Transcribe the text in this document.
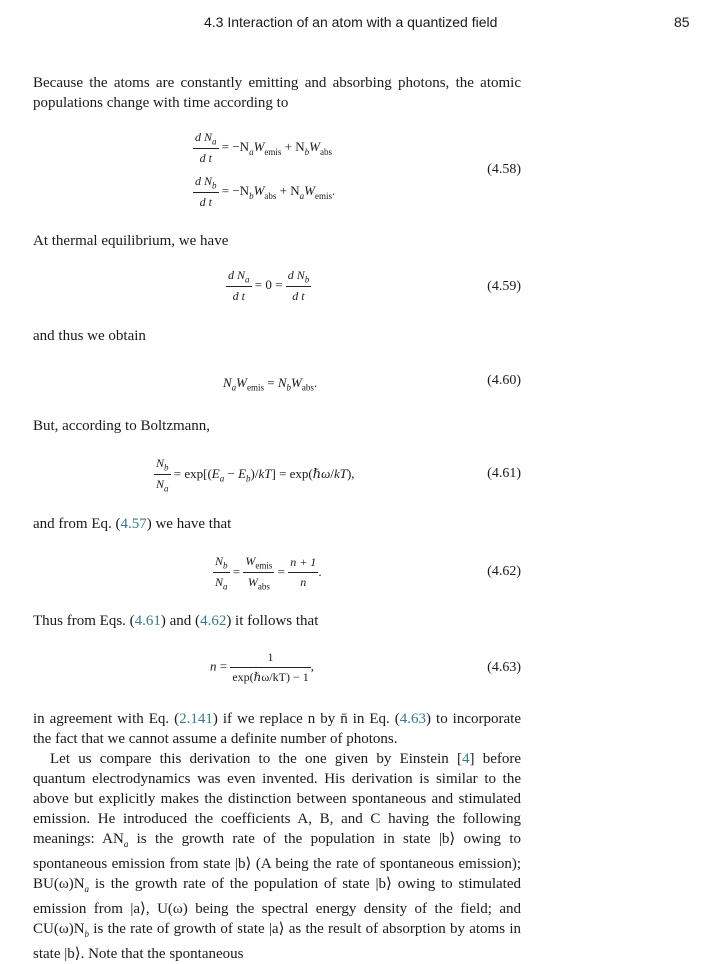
4.3 Interaction of an atom with a quantized field	85
Because the atoms are constantly emitting and absorbing photons, the atomic populations change with time according to
$\frac{d N_a}{\text{d t}} = -N_aW_{emis} + N_bW_{abs}$
$\frac{d N_b}{\text{d t}} = -N_bW_{abs} + N_aW_{emis}$.
(4.58)
At thermal equilibrium, we have
$\frac{d N_a}{\text{d t}} = 0 = \frac{d N_b}{\text{d t}}$	(4.59)
and thus we obtain
$N_aW_{emis} = N_bW_{abs}$.	(4.60)
But, according to Boltzmann,
$\frac{N_b}{N_a} = \exp[(E_a - E_b)/kT]$ = exp(ℏω/kT),	(4.61)
and from Eq. (4.57) we have that
$\frac{N_b}{N_a} = \frac{W_{emis}}{W_{abs}} = \frac{n + 1}{n}$ .	(4.62)
Thus from Eqs. (4.61) and (4.62) it follows that
$n = \frac{1}{\text{exp(ℏω/kT) − 1}}$ ,	(4.63)
in agreement with Eq. (2.141) if we replace n by n̄ in Eq. (4.63) to incorporate the fact that we cannot assume a definite number of photons.
Let us compare this derivation to the one given by Einstein [4] before quantum electrodynamics was even invented. His derivation is similar to the above but explicitly makes the distinction between spontaneous and stimulated emission. He introduced the coefficients A, B, and C having the following meanings: $AN_a$ is the growth rate of the population in state |b⟩ owing to spontaneous emission from state |b⟩ (A being the rate of spontaneous emission); $BU(\omega)N_a$ is the growth rate of the population of state |b⟩ owing to stimulated emission from |a⟩, U(ω) being the spectral energy density of the field; and $CU(\omega)N_b$ is the rate of growth of state |a⟩ as the result of absorption by atoms in state |b⟩. Note that the spontaneous
